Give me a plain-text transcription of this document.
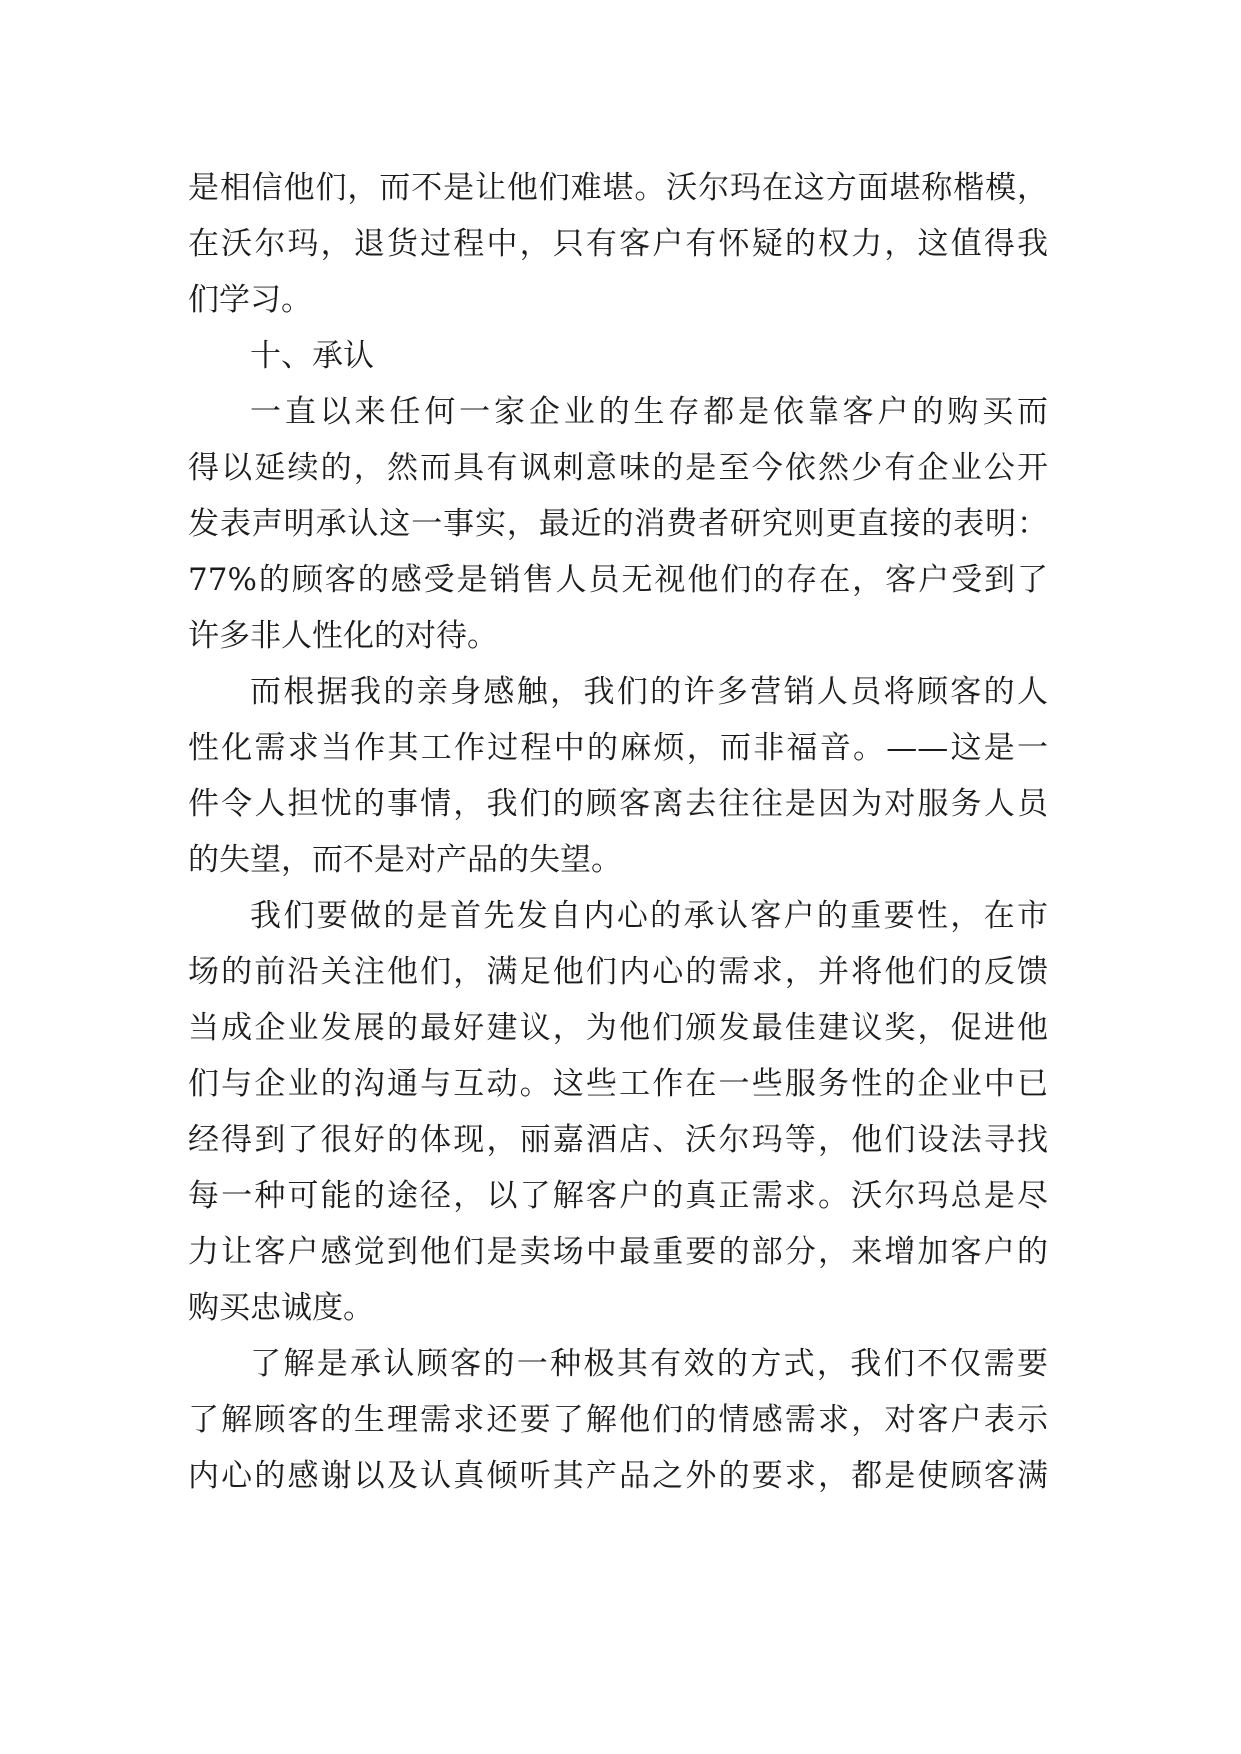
是相信他们，而不是让他们难堪。沃尔玛在这方面堪称楷模，
在沃尔玛，退货过程中，只有客户有怀疑的权力，这值得我
们学习。
十、承认
一直以来任何一家企业的生存都是依靠客户的购买而
得以延续的，然而具有讽刺意味的是至今依然少有企业公开
发表声明承认这一事实，最近的消费者研究则更直接的表明：
77%的顾客的感受是销售人员无视他们的存在，客户受到了
许多非人性化的对待。
而根据我的亲身感触，我们的许多营销人员将顾客的人
性化需求当作其工作过程中的麻烦，而非福音。——这是一
件令人担忧的事情，我们的顾客离去往往是因为对服务人员
的失望，而不是对产品的失望。
我们要做的是首先发自内心的承认客户的重要性，在市
场的前沿关注他们，满足他们内心的需求，并将他们的反馈
当成企业发展的最好建议，为他们颁发最佳建议奖，促进他
们与企业的沟通与互动。这些工作在一些服务性的企业中已
经得到了很好的体现，丽嘉酒店、沃尔玛等，他们设法寻找
每一种可能的途径，以了解客户的真正需求。沃尔玛总是尽
力让客户感觉到他们是卖场中最重要的部分，来增加客户的
购买忠诚度。
了解是承认顾客的一种极其有效的方式，我们不仅需要
了解顾客的生理需求还要了解他们的情感需求，对客户表示
内心的感谢以及认真倾听其产品之外的要求，都是使顾客满
